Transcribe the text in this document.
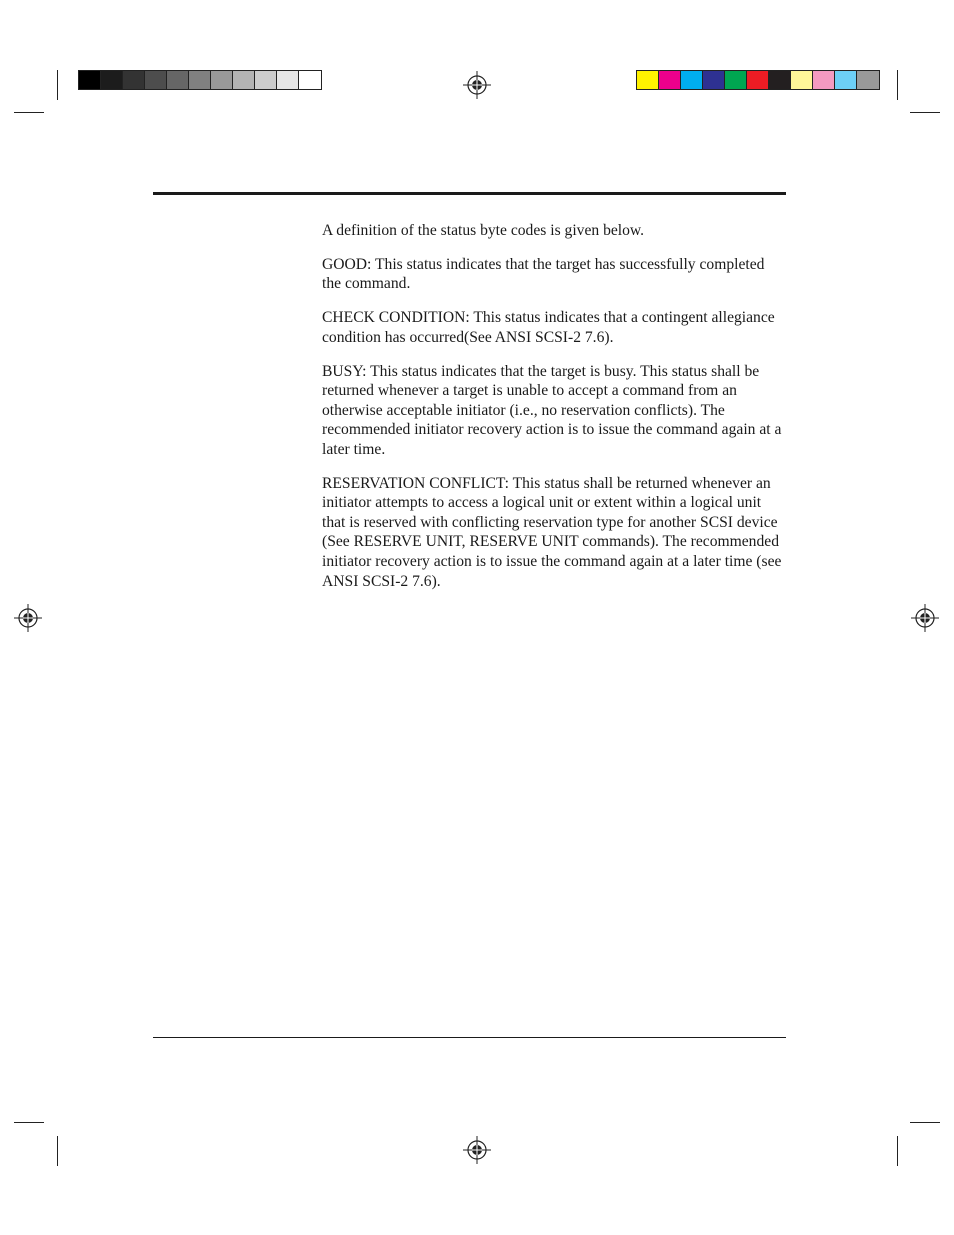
A definition of the status byte codes is given below.

GOOD: This status indicates that the target has successfully completed the command.

CHECK CONDITION: This status indicates that a contingent allegiance condition has occurred(See ANSI SCSI-2 7.6).

BUSY: This status indicates that the target is busy. This status shall be returned whenever a target is unable to accept a command from an otherwise acceptable initiator (i.e., no reservation conflicts). The recommended initiator recovery action is to issue the command again at a later time.

RESERVATION CONFLICT: This status shall be returned whenever an initiator attempts to access a logical unit or extent within a logical unit that is reserved with conflicting reservation type for another SCSI device (See RESERVE UNIT, RESERVE UNIT commands). The recommended initiator recovery action is to issue the command again at a later time (see ANSI SCSI-2 7.6).
